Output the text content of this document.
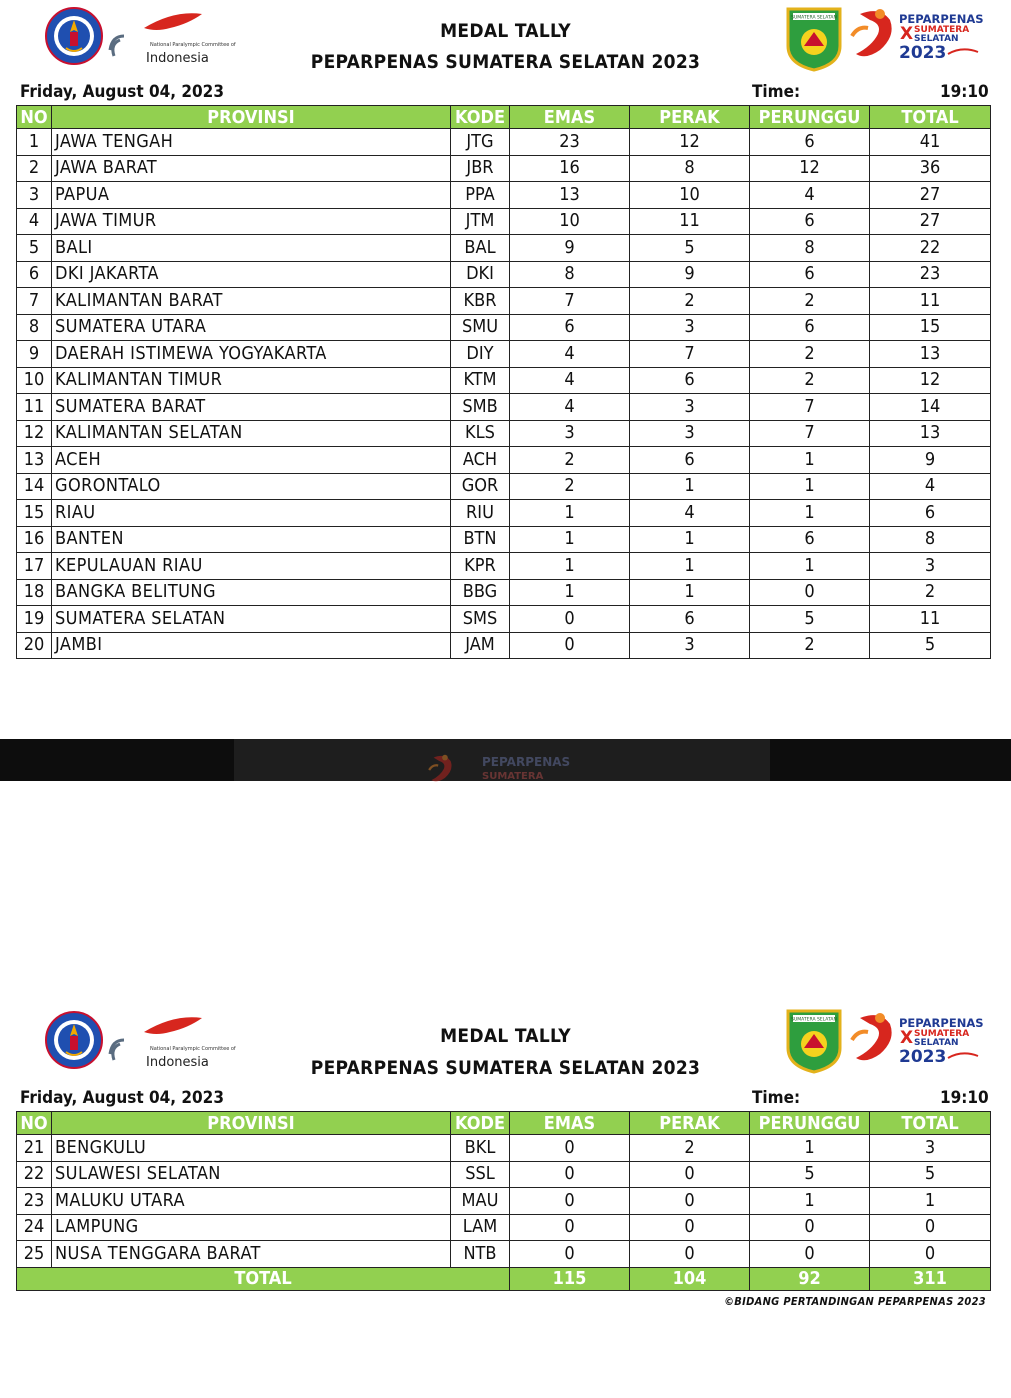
National Paralympic Committee of
Indonesia
MEDAL TALLY
PEPARPENAS SUMATERA SELATAN 2023
SUMATERA SELATAN	PEPARPENAS
X SUMATERA
SELATAN
2023
Friday, August 04, 2023	Time:	19:10
NO	PROVINSI	KODE	EMAS	PERAK	PERUNGGU	TOTAL
1	JAWA TENGAH	JTG	23	12	6	41
2	JAWA BARAT	JBR	16	8	12	36
3	PAPUA	PPA	13	10	4	27
4	JAWA TIMUR	JTM	10	11	6	27
5	BALI	BAL	9	5	8	22
6	DKI JAKARTA	DKI	8	9	6	23
7	KALIMANTAN BARAT	KBR	7	2	2	11
8	SUMATERA UTARA	SMU	6	3	6	15
9	DAERAH ISTIMEWA YOGYAKARTA	DIY	4	7	2	13
10	KALIMANTAN TIMUR	KTM	4	6	2	12
11	SUMATERA BARAT	SMB	4	3	7	14
12	KALIMANTAN SELATAN	KLS	3	3	7	13
13	ACEH	ACH	2	6	1	9
14	GORONTALO	GOR	2	1	1	4
15	RIAU	RIU	1	4	1	6
16	BANTEN	BTN	1	1	6	8
17	KEPULAUAN RIAU	KPR	1	1	1	3
18	BANGKA BELITUNG	BBG	1	1	0	2
19	SUMATERA SELATAN	SMS	0	6	5	11
20	JAMBI	JAM	0	3	2	5
PEPARPENAS
SUMATERA
National Paralympic Committee of
Indonesia
MEDAL TALLY
PEPARPENAS SUMATERA SELATAN 2023
SUMATERA SELATAN	PEPARPENAS
X SUMATERA
SELATAN
2023
Friday, August 04, 2023	Time:	19:10
NO	PROVINSI	KODE	EMAS	PERAK	PERUNGGU	TOTAL
21	BENGKULU	BKL	0	2	1	3
22	SULAWESI SELATAN	SSL	0	0	5	5
23	MALUKU UTARA	MAU	0	0	1	1
24	LAMPUNG	LAM	0	0	0	0
25	NUSA TENGGARA BARAT	NTB	0	0	0	0
TOTAL			115	104	92	311
©BIDANG PERTANDINGAN PEPARPENAS 2023
